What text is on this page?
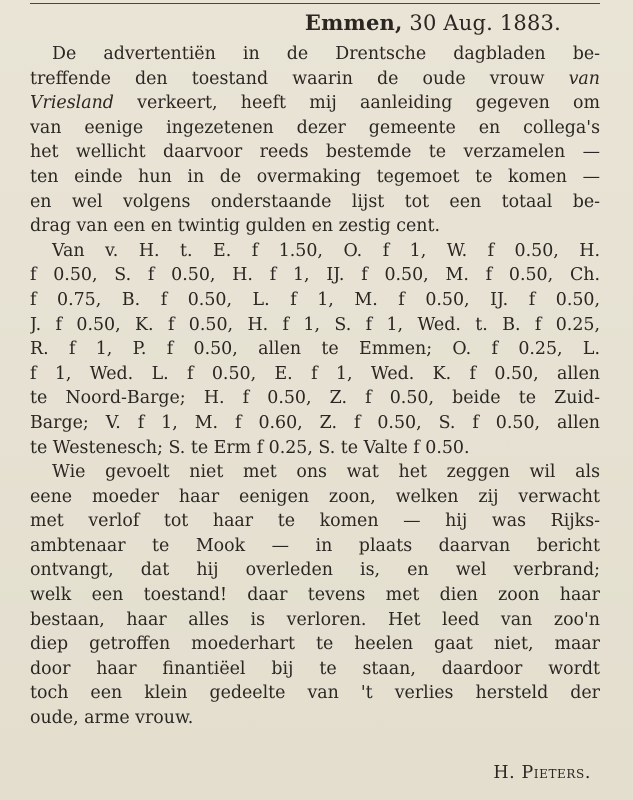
Emmen, 30 Aug. 1883.
De advertentiën in de Drentsche dagbladen be-
treffende den toestand waarin de oude vrouw van
Vriesland verkeert, heeft mij aanleiding gegeven om
van eenige ingezetenen dezer gemeente en collega's
het wellicht daarvoor reeds bestemde te verzamelen —
ten einde hun in de overmaking tegemoet te komen —
en wel volgens onderstaande lijst tot een totaal be-
drag van een en twintig gulden en zestig cent.
Van v. H. t. E. f 1.50, O. f 1, W. f 0.50, H.
f 0.50, S. f 0.50, H. f 1, IJ. f 0.50, M. f 0.50, Ch.
f 0.75, B. f 0.50, L. f 1, M. f 0.50, IJ. f 0.50,
J. f 0.50, K. f 0.50, H. f 1, S. f 1, Wed. t. B. f 0.25,
R. f 1, P. f 0.50, allen te Emmen; O. f 0.25, L.
f 1, Wed. L. f 0.50, E. f 1, Wed. K. f 0.50, allen
te Noord-Barge; H. f 0.50, Z. f 0.50, beide te Zuid-
Barge; V. f 1, M. f 0.60, Z. f 0.50, S. f 0.50, allen
te Westenesch; S. te Erm f 0.25, S. te Valte f 0.50.
Wie gevoelt niet met ons wat het zeggen wil als
eene moeder haar eenigen zoon, welken zij verwacht
met verlof tot haar te komen — hij was Rijks-
ambtenaar te Mook — in plaats daarvan bericht
ontvangt, dat hij overleden is, en wel verbrand;
welk een toestand! daar tevens met dien zoon haar
bestaan, haar alles is verloren. Het leed van zoo'n
diep getroffen moederhart te heelen gaat niet, maar
door haar finantiëel bij te staan, daardoor wordt
toch een klein gedeelte van 't verlies hersteld der
oude, arme vrouw.
H. Pieters.
